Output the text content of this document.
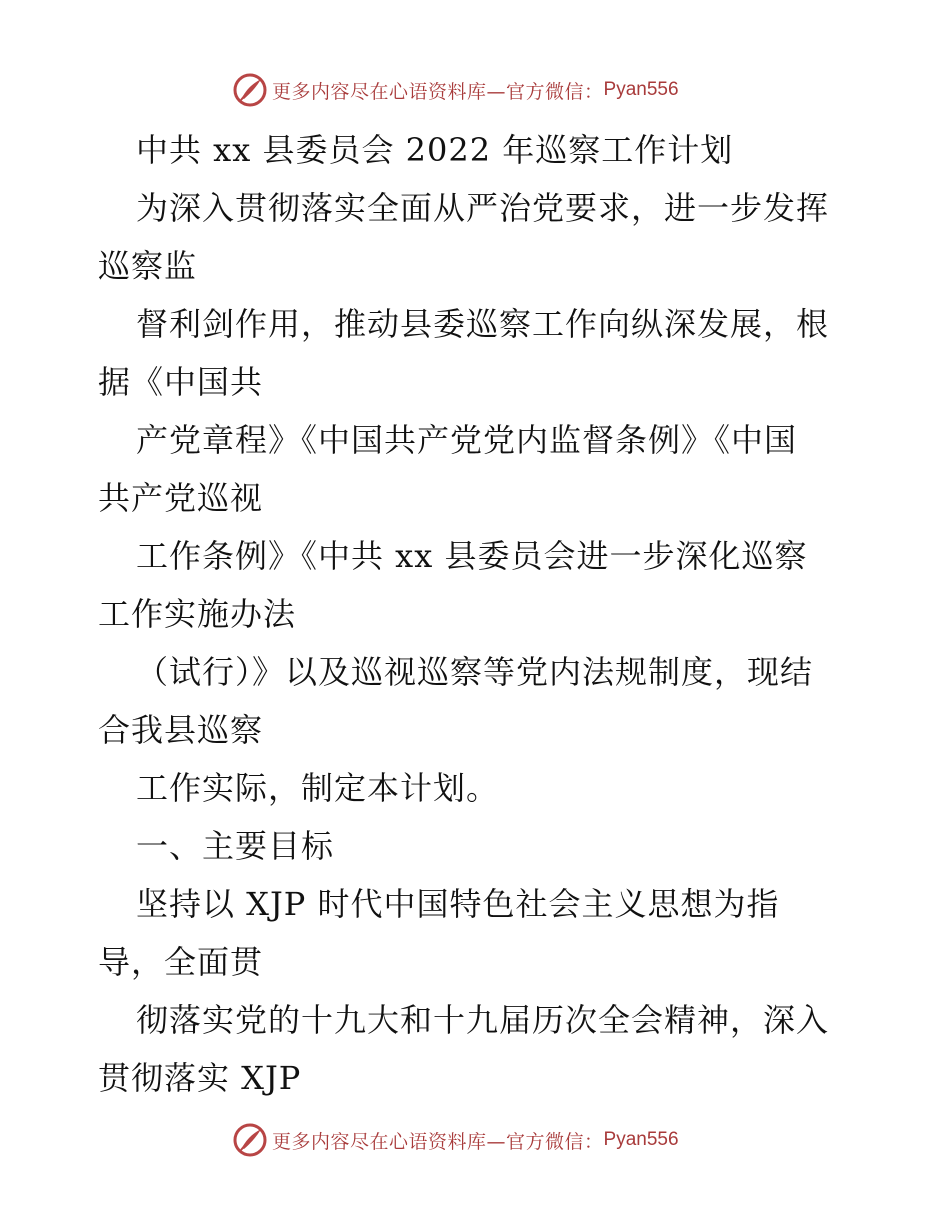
更多内容尽在心语资料库—官方微信： Pyan556
中共 xx 县委员会 2022 年巡察工作计划
为深入贯彻落实全面从严治党要求，进一步发挥
巡察监
督利剑作用，推动县委巡察工作向纵深发展，根
据《中国共
产党章程》《中国共产党党内监督条例》《中国
共产党巡视
工作条例》《中共 xx 县委员会进一步深化巡察
工作实施办法
（试行）》以及巡视巡察等党内法规制度，现结
合我县巡察
工作实际，制定本计划。
一、主要目标
坚持以 XJP 时代中国特色社会主义思想为指
导，全面贯
彻落实党的十九大和十九届历次全会精神，深入
贯彻落实 XJP
更多内容尽在心语资料库—官方微信： Pyan556
